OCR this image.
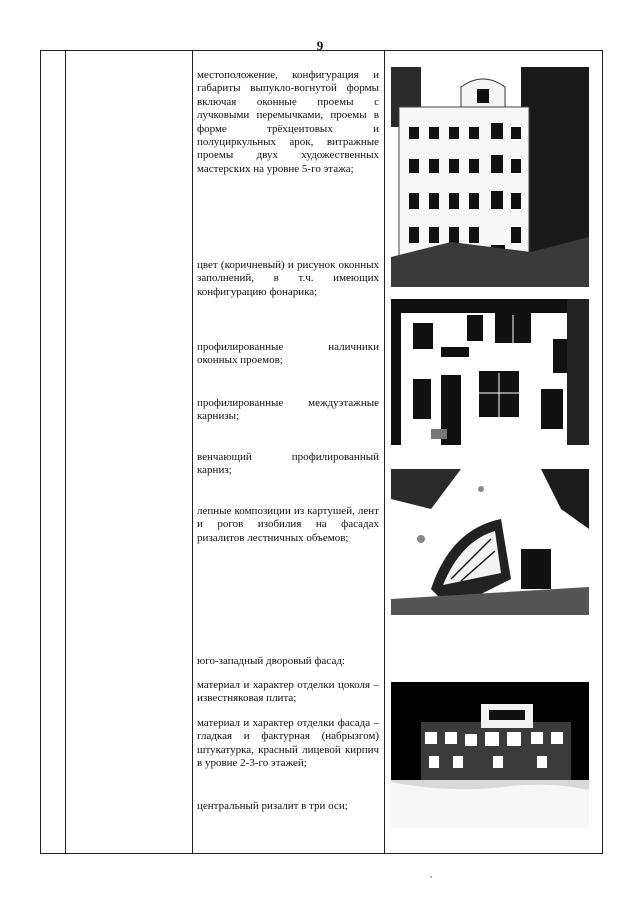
9

местоположение, конфигурация и габариты выпукло-вогнутой формы включая оконные проемы с лучковыми перемычками, проемы в форме трёхцентовых и полуциркульных арок, витражные проемы двух художественных мастерских на уровне 5-го этажа;

цвет (коричневый) и рисунок оконных заполнений, в т.ч. имеющих конфигурацию фонарика;

профилированные наличники оконных проемов;

профилированные междуэтажные карнизы;

венчающий профилированный карниз;

лепные композиции из картушей, лент и рогов изобилия на фасадах ризалитов лестничных объемов;

юго-западный дворовый фасад:

материал и характер отделки цоколя – известняковая плита;

материал и характер отделки фасада – гладкая и фактурная (набрызгом) штукатурка, красный лицевой кирпич в уровне 2-3-го этажей;

центральный ризалит в три оси;
